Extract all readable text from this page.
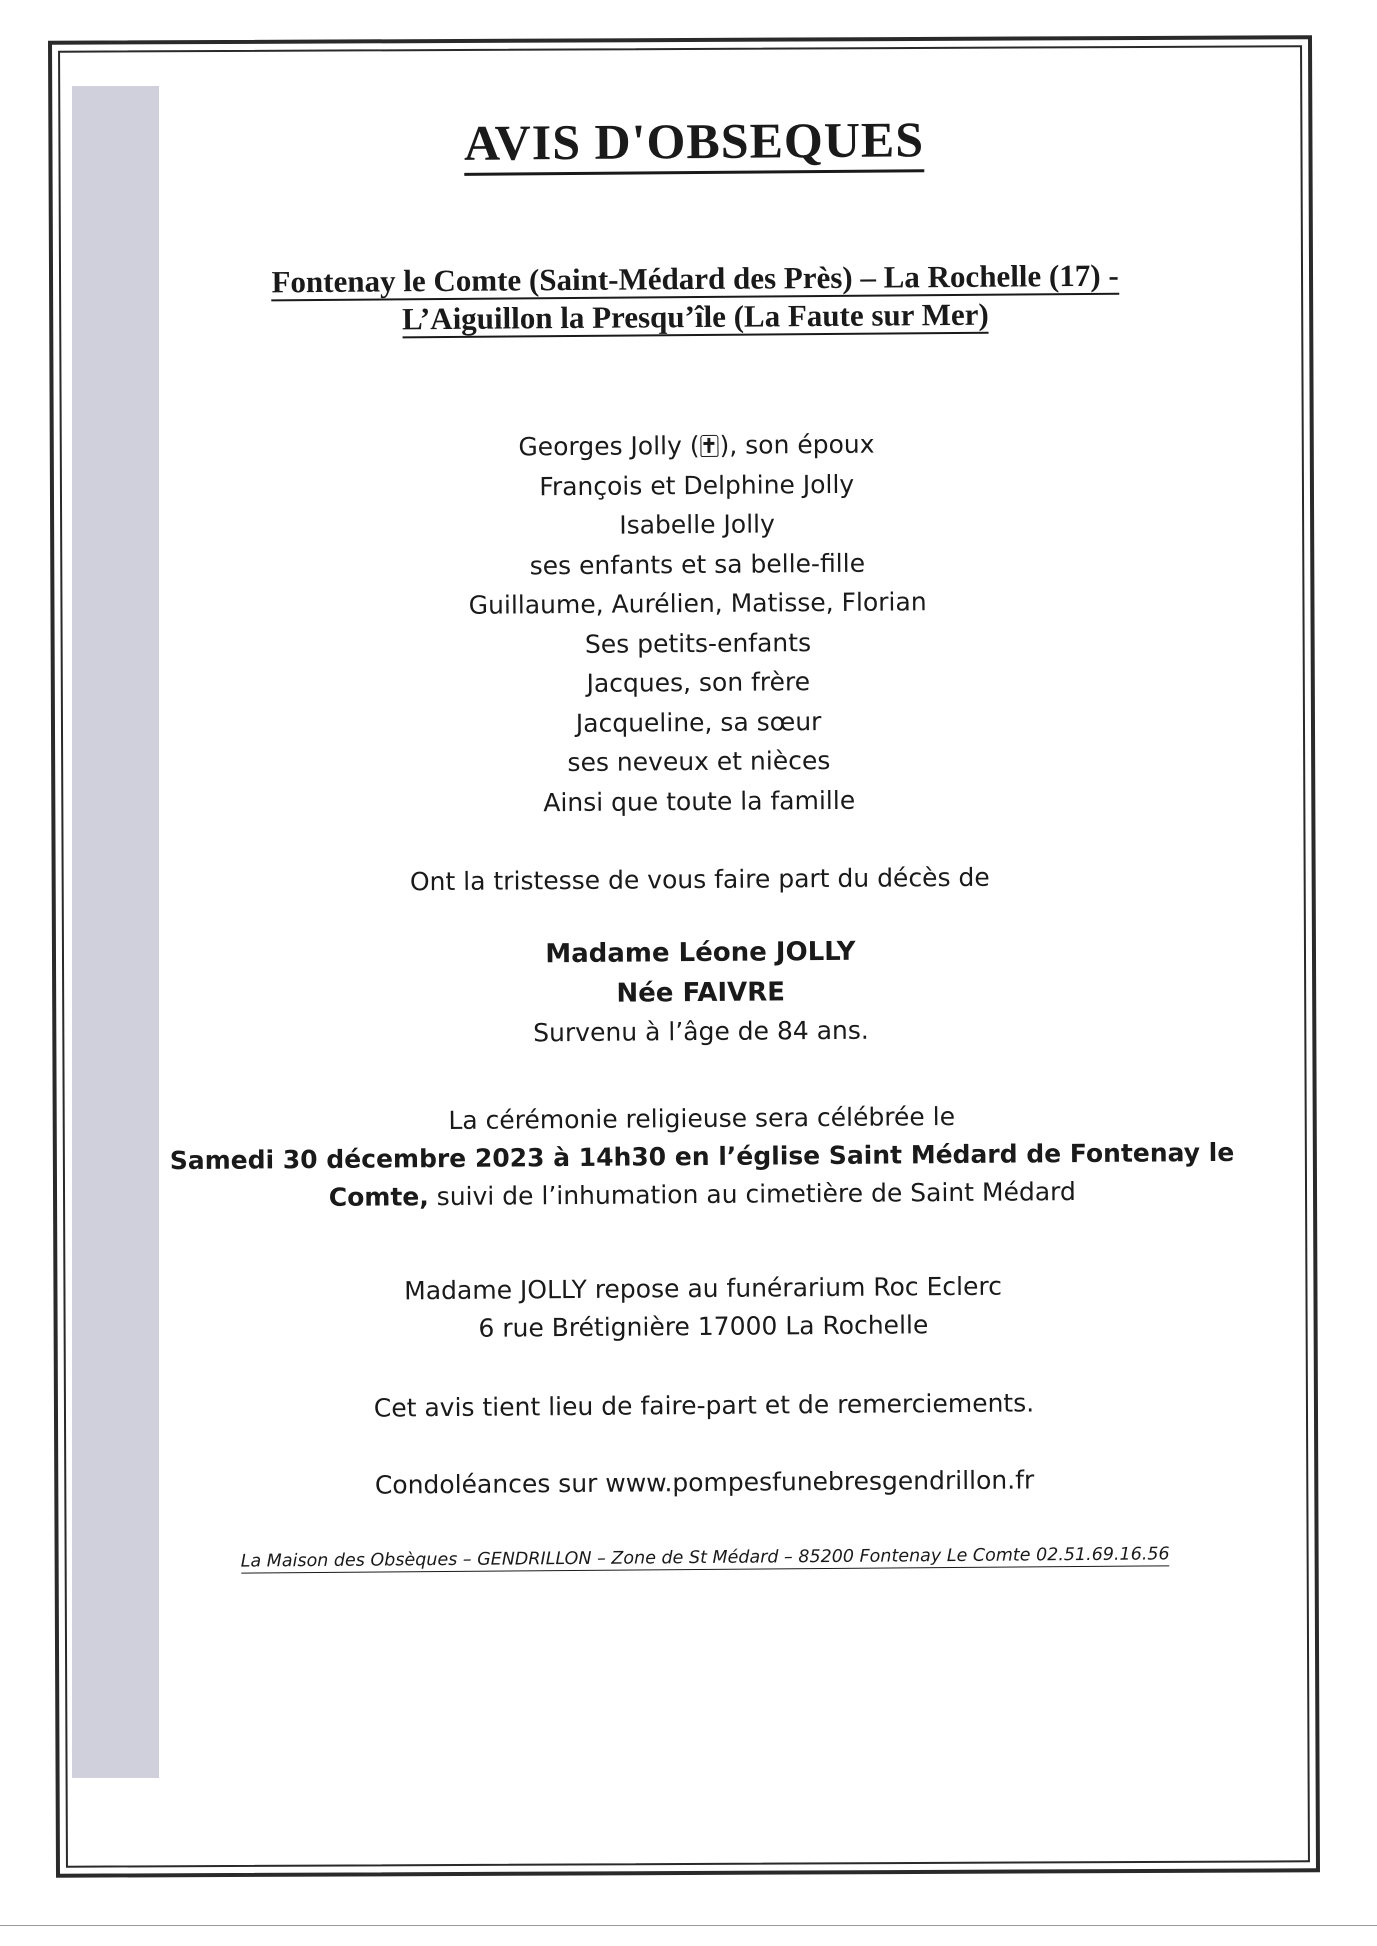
AVIS D'OBSEQUES
Fontenay le Comte (Saint-Médard des Près) – La Rochelle (17) -
L’Aiguillon la Presqu’île (La Faute sur Mer)
Georges Jolly ( ), son époux
François et Delphine Jolly
Isabelle Jolly
ses enfants et sa belle-fille
Guillaume, Aurélien, Matisse, Florian
Ses petits-enfants
Jacques, son frère
Jacqueline, sa sœur
ses neveux et nièces
Ainsi que toute la famille
Ont la tristesse de vous faire part du décès de
Madame Léone JOLLY
Née FAIVRE
Survenu à l’âge de 84 ans.
La cérémonie religieuse sera célébrée le
Samedi 30 décembre 2023 à 14h30 en l’église Saint Médard de Fontenay le
Comte, suivi de l’inhumation au cimetière de Saint Médard
Madame JOLLY repose au funérarium Roc Eclerc
6 rue Brétignière 17000 La Rochelle
Cet avis tient lieu de faire-part et de remerciements.
Condoléances sur www.pompesfunebresgendrillon.fr
La Maison des Obsèques – GENDRILLON – Zone de St Médard – 85200 Fontenay Le Comte 02.51.69.16.56
